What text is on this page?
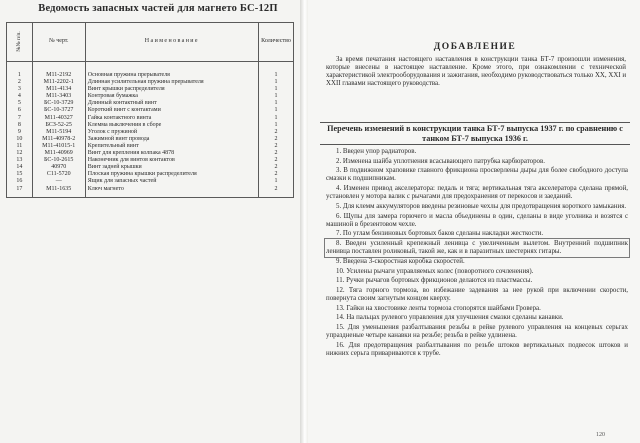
Ведомость запасных частей для магнето БС-12П
№№ п/п.	№ черт.	Наименование	Количество
1	М11-2192	Основная пружина прерывателя	1
2	М11-2202-1	Длинная усилительная пружина прерывателя	1
3	М11-4134	Винт крышки распределителя	1
4	М11-3403	Контровая бумажка	1
5	БС-10-3729	Длинный контактный винт	1
6	БС-10-3727	Короткий винт с контактами	1
7	М11-40327	Гайка контактного винта	1
8	БСЗ-52-25	Клемма выключения в сборе	1
9	М11-5194	Уголок с пружиной	2
10	М11-40978-2	Зажимной винт провода	2
11	М11-41015-1	Крепительный винт	2
12	М11-40969	Винт для крепления колпака 4878	2
13	БС-10-2615	Наконечник для винтов контактов	2
14	40970	Винт задней крышки	2
15	С11-5720	Плоская пружина крышки распределителя	2
16	—	Ящик для запасных частей	1
17	М11-1635	Ключ магнето	2
ДОБАВЛЕНИЕ

За время печатания настоящего наставления в конструкции танка БТ-7 произошли изменения, которые внесены в настоящее наставление. Кроме этого, при ознакомлении с технической характеристикой электрооборудования и зажигания, необходимо руководствоваться только XX, XXI и XXII главами настоящего руководства.

Перечень изменений в конструкции танка БТ-7 выпуска 1937 г. по сравнению с танком БТ-7 выпуска 1936 г.
1. Введен упор радиаторов.
2. Изменена шайба уплотнения всасывающего патрубка карбюраторов.
3. В подвижном храповике главного фрикциона просверлены дыры для более свободного доступа смазки к подшипникам.
4. Изменен привод акселератора: педаль и тяга; вертикальная тяга акселератора сделана прямой, установлен у мотора валик с рычагами для предохранения от перекосов и заеданий.
5. Для клемм аккумуляторов введены резиновые чехлы для предотвращения короткого замыкания.
6. Щупы для замера горючего и масла объединены в один, сделаны в виде уголника и возятся с машиной в брезентовом чехле.
7. По углам бензиновых бортовых баков сделаны накладки жесткости.
8. Введен усиленный крепежный ленивца с увеличенным вылетом. Внутренний подшипник ленивца поставлен роликовый, такой же, как и в паразитных шестернях гитары.
9. Введена 3-скоростная коробка скоростей.
10. Усилены рычаги управляемых колес (поворотного сочленения).
11. Ручки рычагов бортовых фрикционов делаются из пластмассы.
12. Тяга горного тормоза, во избежание задевания за нее рукой при включении скорости, повернута своим загнутым концом кверху.
13. Гайки на хвостовике ленты тормоза стопорятся шайбами Гровера.
14. На пальцах рулевого управления для улучшения смазки сделаны канавки.
15. Для уменьшения разбалтывания резьбы в рейке рулевого управления на концевых серьгах упраздненые четыре канавки на резьбе; резьба в рейке удлинена.
16. Для предотвращения разбалтывания по резьбе штоков вертикальных подвесок штоков и нижних серьга привариваются к трубе.
120
